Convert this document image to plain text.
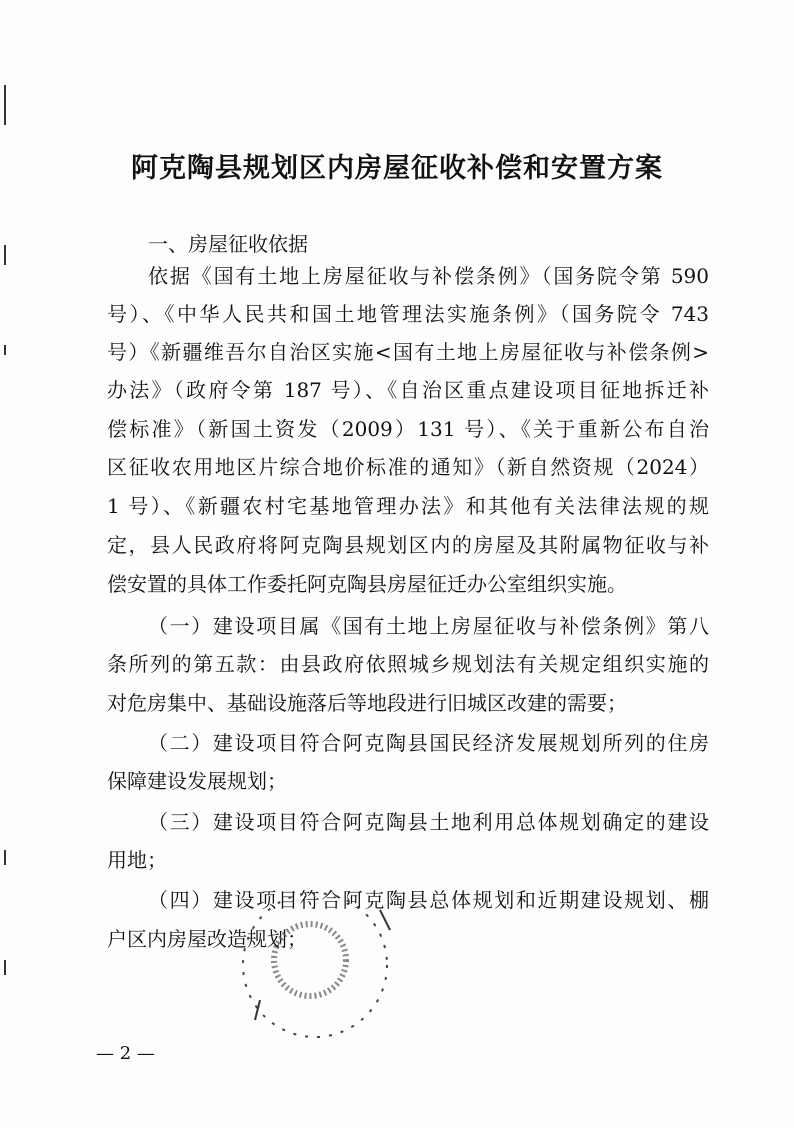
阿克陶县规划区内房屋征收补偿和安置方案
一、房屋征收依据
依据《国有土地上房屋征收与补偿条例》（国务院令第 590
号）、《中华人民共和国土地管理法实施条例》（国务院令 743
号）《新疆维吾尔自治区实施<国有土地上房屋征收与补偿条例>
办法》（政府令第 187 号）、《自治区重点建设项目征地拆迁补
偿标准》（新国土资发（2009）131 号）、《关于重新公布自治
区征收农用地区片综合地价标准的通知》（新自然资规（2024）
1 号）、《新疆农村宅基地管理办法》和其他有关法律法规的规
定，县人民政府将阿克陶县规划区内的房屋及其附属物征收与补
偿安置的具体工作委托阿克陶县房屋征迁办公室组织实施。
（一）建设项目属《国有土地上房屋征收与补偿条例》第八
条所列的第五款：由县政府依照城乡规划法有关规定组织实施的
对危房集中、基础设施落后等地段进行旧城区改建的需要；
（二）建设项目符合阿克陶县国民经济发展规划所列的住房
保障建设发展规划；
（三）建设项目符合阿克陶县土地利用总体规划确定的建设
用地；
（四）建设项目符合阿克陶县总体规划和近期建设规划、棚
户区内房屋改造规划；
— 2 —
